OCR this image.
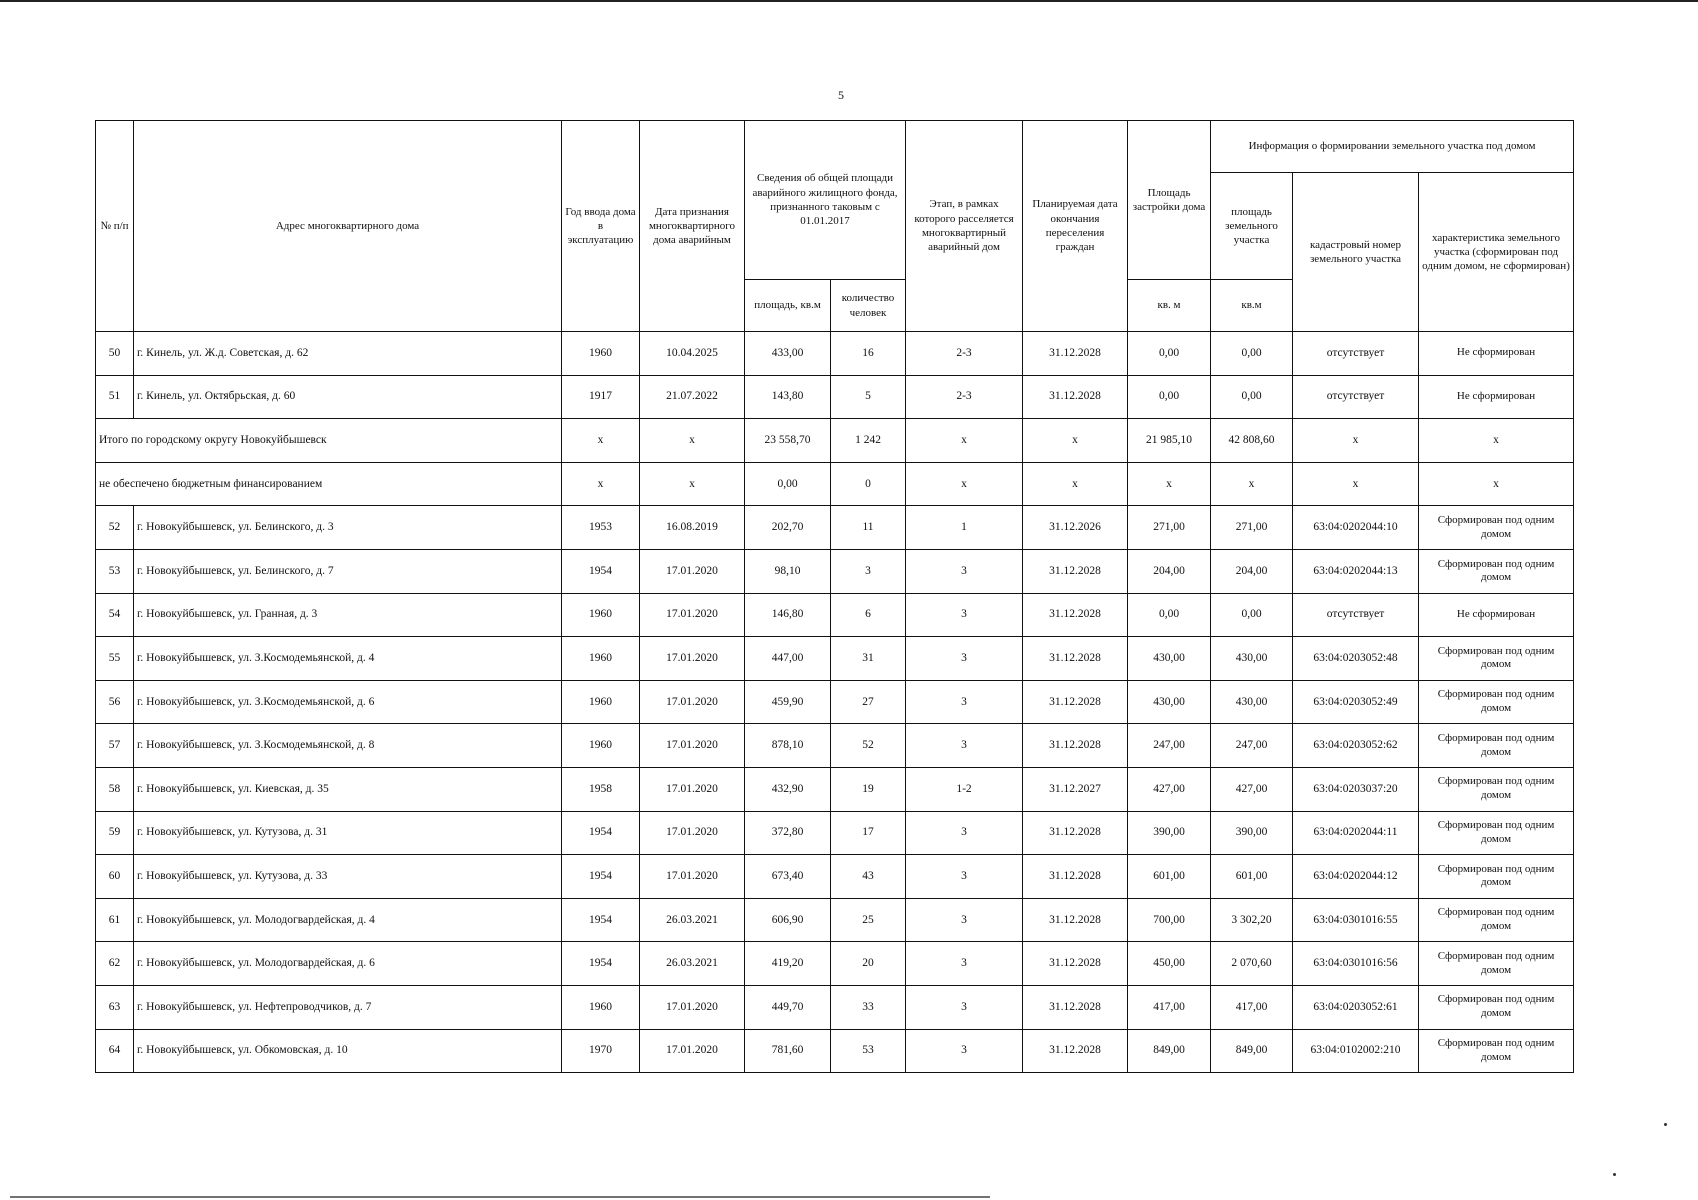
5
№ п/п	Адрес многоквартирного дома	Год ввода дома в эксплуатацию	Дата признания многоквартирного дома аварийным	Сведения об общей площади аварийного жилищного фонда, признанного таковым с 01.01.2017		Этап, в рамках которого расселяется многоквартирный аварийный дом	Планируемая дата окончания переселения граждан	Площадь застройки дома	Информация о формировании земельного участка под домом		
									площадь земельного участка	кадастровый номер земельного участка	характеристика земельного участка (сформирован под одним домом, не сформирован)
				площадь, кв.м	количество человек			кв. м	кв.м		
50	г. Кинель, ул. Ж.д. Советская, д. 62	1960	10.04.2025	433,00	16	2-3	31.12.2028	0,00	0,00	отсутствует	Не сформирован
51	г. Кинель, ул. Октябрьская, д. 60	1917	21.07.2022	143,80	5	2-3	31.12.2028	0,00	0,00	отсутствует	Не сформирован
Итого по городскому округу Новокуйбышевск		x	x	23 558,70	1 242	x	x	21 985,10	42 808,60	x	x
не обеспечено бюджетным финансированием		x	x	0,00	0	x	x	x	x	x	x
52	г. Новокуйбышевск, ул. Белинского, д. 3	1953	16.08.2019	202,70	11	1	31.12.2026	271,00	271,00	63:04:0202044:10	Сформирован под одним домом
53	г. Новокуйбышевск, ул. Белинского, д. 7	1954	17.01.2020	98,10	3	3	31.12.2028	204,00	204,00	63:04:0202044:13	Сформирован под одним домом
54	г. Новокуйбышевск, ул. Гранная, д. 3	1960	17.01.2020	146,80	6	3	31.12.2028	0,00	0,00	отсутствует	Не сформирован
55	г. Новокуйбышевск, ул. З.Космодемьянской, д. 4	1960	17.01.2020	447,00	31	3	31.12.2028	430,00	430,00	63:04:0203052:48	Сформирован под одним домом
56	г. Новокуйбышевск, ул. З.Космодемьянской, д. 6	1960	17.01.2020	459,90	27	3	31.12.2028	430,00	430,00	63:04:0203052:49	Сформирован под одним домом
57	г. Новокуйбышевск, ул. З.Космодемьянской, д. 8	1960	17.01.2020	878,10	52	3	31.12.2028	247,00	247,00	63:04:0203052:62	Сформирован под одним домом
58	г. Новокуйбышевск, ул. Киевская, д. 35	1958	17.01.2020	432,90	19	1-2	31.12.2027	427,00	427,00	63:04:0203037:20	Сформирован под одним домом
59	г. Новокуйбышевск, ул. Кутузова, д. 31	1954	17.01.2020	372,80	17	3	31.12.2028	390,00	390,00	63:04:0202044:11	Сформирован под одним домом
60	г. Новокуйбышевск, ул. Кутузова, д. 33	1954	17.01.2020	673,40	43	3	31.12.2028	601,00	601,00	63:04:0202044:12	Сформирован под одним домом
61	г. Новокуйбышевск, ул. Молодогвардейская, д. 4	1954	26.03.2021	606,90	25	3	31.12.2028	700,00	3 302,20	63:04:0301016:55	Сформирован под одним домом
62	г. Новокуйбышевск, ул. Молодогвардейская, д. 6	1954	26.03.2021	419,20	20	3	31.12.2028	450,00	2 070,60	63:04:0301016:56	Сформирован под одним домом
63	г. Новокуйбышевск, ул. Нефтепроводчиков, д. 7	1960	17.01.2020	449,70	33	3	31.12.2028	417,00	417,00	63:04:0203052:61	Сформирован под одним домом
64	г. Новокуйбышевск, ул. Обкомовская, д. 10	1970	17.01.2020	781,60	53	3	31.12.2028	849,00	849,00	63:04:0102002:210	Сформирован под одним домом
